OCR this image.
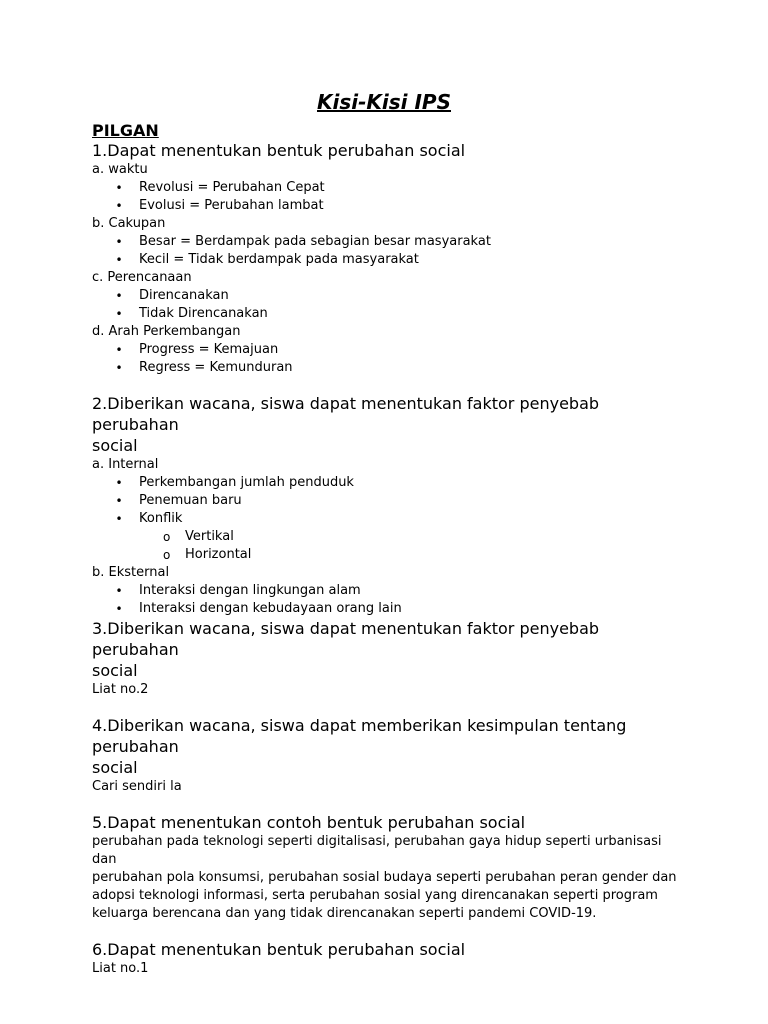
Kisi-Kisi IPS
PILGAN
1.Dapat menentukan bentuk perubahan social
a. waktu
• Revolusi = Perubahan Cepat
• Evolusi = Perubahan lambat
b. Cakupan
• Besar = Berdampak pada sebagian besar masyarakat
• Kecil = Tidak berdampak pada masyarakat
c. Perencanaan
• Direncanakan
• Tidak Direncanakan
d. Arah Perkembangan
• Progress = Kemajuan
• Regress = Kemunduran
2.Diberikan wacana, siswa dapat menentukan faktor penyebab perubahan
social
a. Internal
• Perkembangan jumlah penduduk
• Penemuan baru
• Konflik
o Vertikal
o Horizontal
b. Eksternal
• Interaksi dengan lingkungan alam
• Interaksi dengan kebudayaan orang lain
3.Diberikan wacana, siswa dapat menentukan faktor penyebab perubahan
social
Liat no.2
4.Diberikan wacana, siswa dapat memberikan kesimpulan tentang perubahan
social
Cari sendiri la
5.Dapat menentukan contoh bentuk perubahan social
perubahan pada teknologi seperti digitalisasi, perubahan gaya hidup seperti urbanisasi dan
perubahan pola konsumsi, perubahan sosial budaya seperti perubahan peran gender dan
adopsi teknologi informasi, serta perubahan sosial yang direncanakan seperti program
keluarga berencana dan yang tidak direncanakan seperti pandemi COVID-19.
6.Dapat menentukan bentuk perubahan social
Liat no.1
